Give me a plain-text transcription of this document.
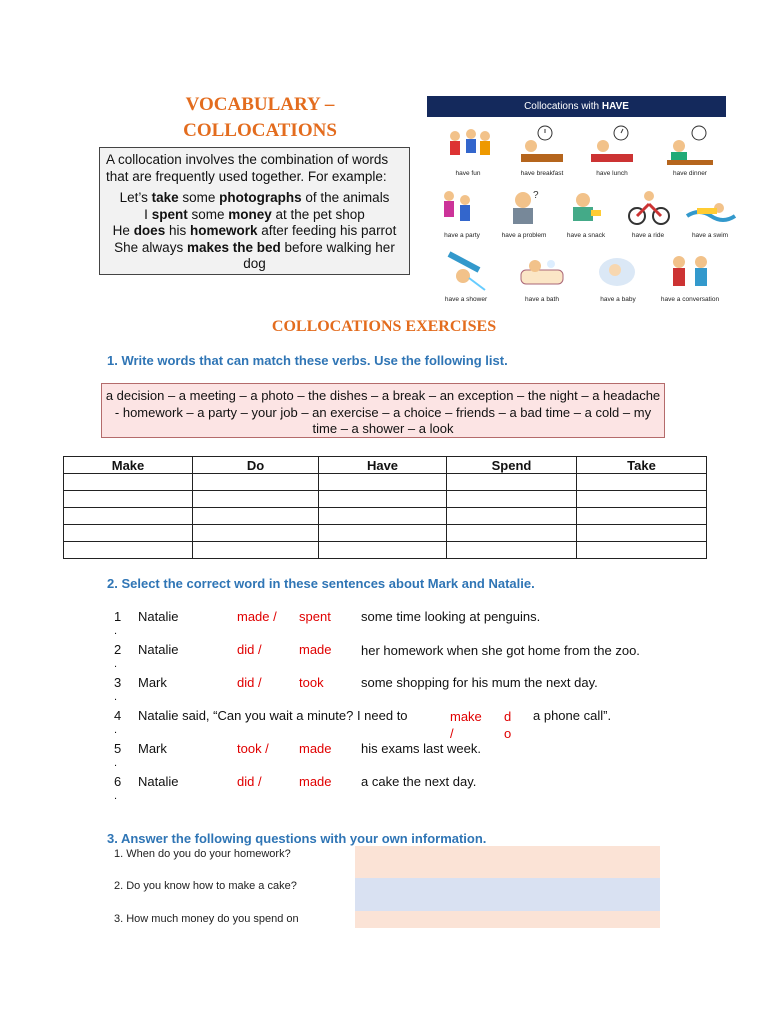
VOCABULARY –
COLLOCATIONS
A collocation involves the combination of words that are frequently used together. For example:
Let’s take some photographs of the animals
I spent some money at the pet shop
He does his homework after feeding his parrot
She always makes the bed before walking her dog
Collocations with HAVE
have fun	have breakfast	have lunch	have dinner
have a party
?
have a problem	have a snack	have a ride	have a swim
have a shower	have a bath	have a baby	have a conversation
COLLOCATIONS EXERCISES
1. Write words that can match these verbs. Use the following list.
a decision – a meeting – a photo – the dishes – a break – an exception – the night – a headache - homework – a party – your job – an exercise – a choice – friends – a bad time – a cold – my time – a shower – a look
Make	Do	Have	Spend	Take

2. Select the correct word in these sentences about Mark and Natalie.
1
.
Natalie	made / spent some time looking at penguins.
2
.
Natalie	did /	made her homework when she got home from the zoo.
3
.
Mark	did /	took	some shopping for his mum the next day.
4
.
Natalie said, “Can you wait a minute? I need to	make /
do
a phone call”.
5
.
Mark	took / made his exams last week.
6
.
Natalie	did /	made a cake the next day.
3. Answer the following questions with your own information.
1. When do you do your homework?
2. Do you know how to make a cake?
3. How much money do you spend on
